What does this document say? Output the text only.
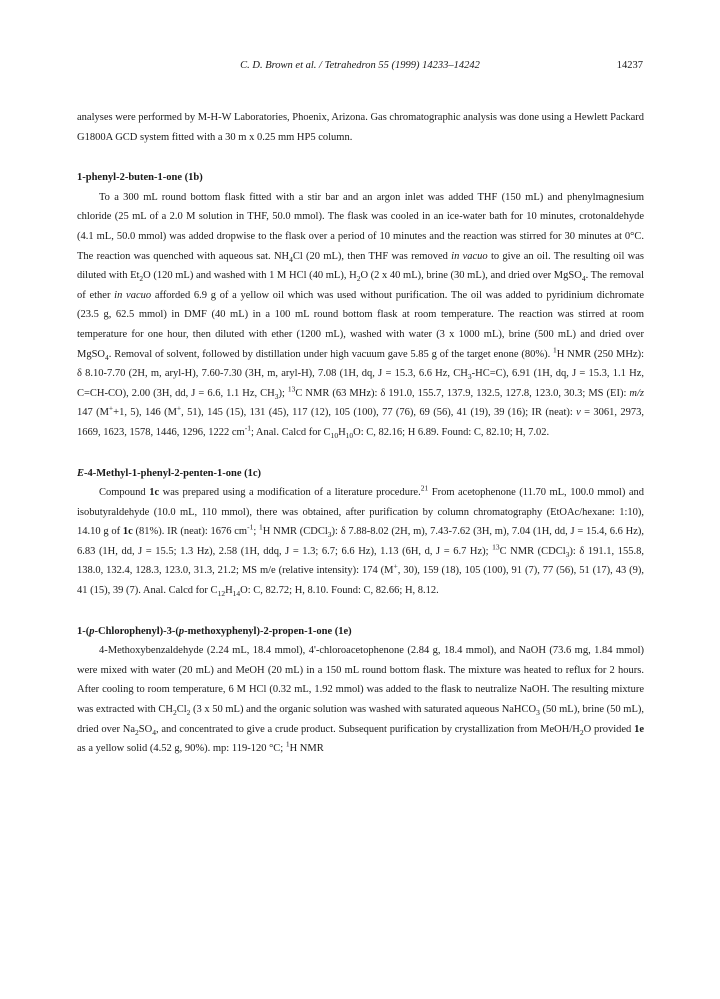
C. D. Brown et al. / Tetrahedron 55 (1999) 14233–14242	14237

analyses were performed by M-H-W Laboratories, Phoenix, Arizona. Gas chromatographic analysis was done using a Hewlett Packard G1800A GCD system fitted with a 30 m x 0.25 mm HP5 column.

1-phenyl-2-buten-1-one (1b)

To a 300 mL round bottom flask fitted with a stir bar and an argon inlet was added THF (150 mL) and phenylmagnesium chloride (25 mL of a 2.0 M solution in THF, 50.0 mmol). The flask was cooled in an ice-water bath for 10 minutes, crotonaldehyde (4.1 mL, 50.0 mmol) was added dropwise to the flask over a period of 10 minutes and the reaction was stirred for 30 minutes at 0°C. The reaction was quenched with aqueous sat. $NH_4Cl$ (20 mL), then THF was removed in vacuo to give an oil. The resulting oil was diluted with $Et_2O$ (120 mL) and washed with 1 M HCl (40 mL), $H_2O$ (2 x 40 mL), brine (30 mL), and dried over MgSO$_4$. The removal of ether in vacuo afforded 6.9 g of a yellow oil which was used without purification. The oil was added to pyridinium dichromate (23.5 g, 62.5 mmol) in DMF (40 mL) in a 100 mL round bottom flask at room temperature. The reaction was stirred at room temperature for one hour, then diluted with ether (1200 mL), washed with water (3 x 1000 mL), brine (500 mL) and dried over MgSO$_4$. Removal of solvent, followed by distillation under high vacuum gave 5.85 g of the target enone (80%). $^1$H NMR (250 MHz): δ 8.10-7.70 (2H, m, aryl-H), 7.60-7.30 (3H, m, aryl-H), 7.08 (1H, dq, J = 15.3, 6.6 Hz, $CH_3-HC=C$), 6.91 (1H, dq, J = 15.3, 1.1 Hz, C=CH-CO), 2.00 (3H, dd, J = 6.6, 1.1 Hz, $CH_3$); $^{13}$C NMR (63 MHz): δ 191.0, 155.7, 137.9, 132.5, 127.8, 123.0, 30.3; MS (EI): m/z 147 (M++1, 5), 146 (M+, 51), 145 (15), 131 (45), 117 (12), 105 (100), 77 (76), 69 (56), 41 (19), 39 (16); IR (neat): ν = 3061, 2973, 1669, 1623, 1578, 1446, 1296, 1222 $cm^{-1}$; Anal. Calcd for $C_{10}H_{10}O$: C, 82.16; H 6.89. Found: C, 82.10; H, 7.02.

E-4-Methyl-1-phenyl-2-penten-1-one (1c)

Compound 1c was prepared using a modification of a literature procedure.$^{21}$ From acetophenone (11.70 mL, 100.0 mmol) and isobutyraldehyde (10.0 mL, 110 mmol), there was obtained, after purification by column chromatography (EtOAc/hexane: 1:10), 14.10 g of 1c (81%). IR (neat): 1676 $cm^{-1}$; $^1$H NMR (CDCl$_3$): δ 7.88-8.02 (2H, m), 7.43-7.62 (3H, m), 7.04 (1H, dd, J = 15.4, 6.6 Hz), 6.83 (1H, dd, J = 15.5; 1.3 Hz), 2.58 (1H, ddq, J = 1.3; 6.7; 6.6 Hz), 1.13 (6H, d, J = 6.7 Hz); $^{13}$C NMR (CDCl$_3$): δ 191.1, 155.8, 138.0, 132.4, 128.3, 123.0, 31.3, 21.2; MS m/e (relative intensity): 174 (M+, 30), 159 (18), 105 (100), 91 (7), 77 (56), 51 (17), 43 (9), 41 (15), 39 (7). Anal. Calcd for $C_{12}H_{14}O$: C, 82.72; H, 8.10. Found: C, 82.66; H, 8.12.

1-(p-Chlorophenyl)-3-(p-methoxyphenyl)-2-propen-1-one (1e)

4-Methoxybenzaldehyde (2.24 mL, 18.4 mmol), 4'-chloroacetophenone (2.84 g, 18.4 mmol), and NaOH (73.6 mg, 1.84 mmol) were mixed with water (20 mL) and MeOH (20 mL) in a 150 mL round bottom flask. The mixture was heated to reflux for 2 hours. After cooling to room temperature, 6 M HCl (0.32 mL, 1.92 mmol) was added to the flask to neutralize NaOH. The resulting mixture was extracted with $CH_2Cl_2$ (3 x 50 mL) and the organic solution was washed with saturated aqueous NaHCO$_3$ (50 mL), brine (50 mL), dried over $Na_2SO_4$, and concentrated to give a crude product. Subsequent purification by crystallization from MeOH/$H_2O$ provided 1e as a yellow solid (4.52 g, 90%). mp: 119-120 °C; $^1$H NMR
